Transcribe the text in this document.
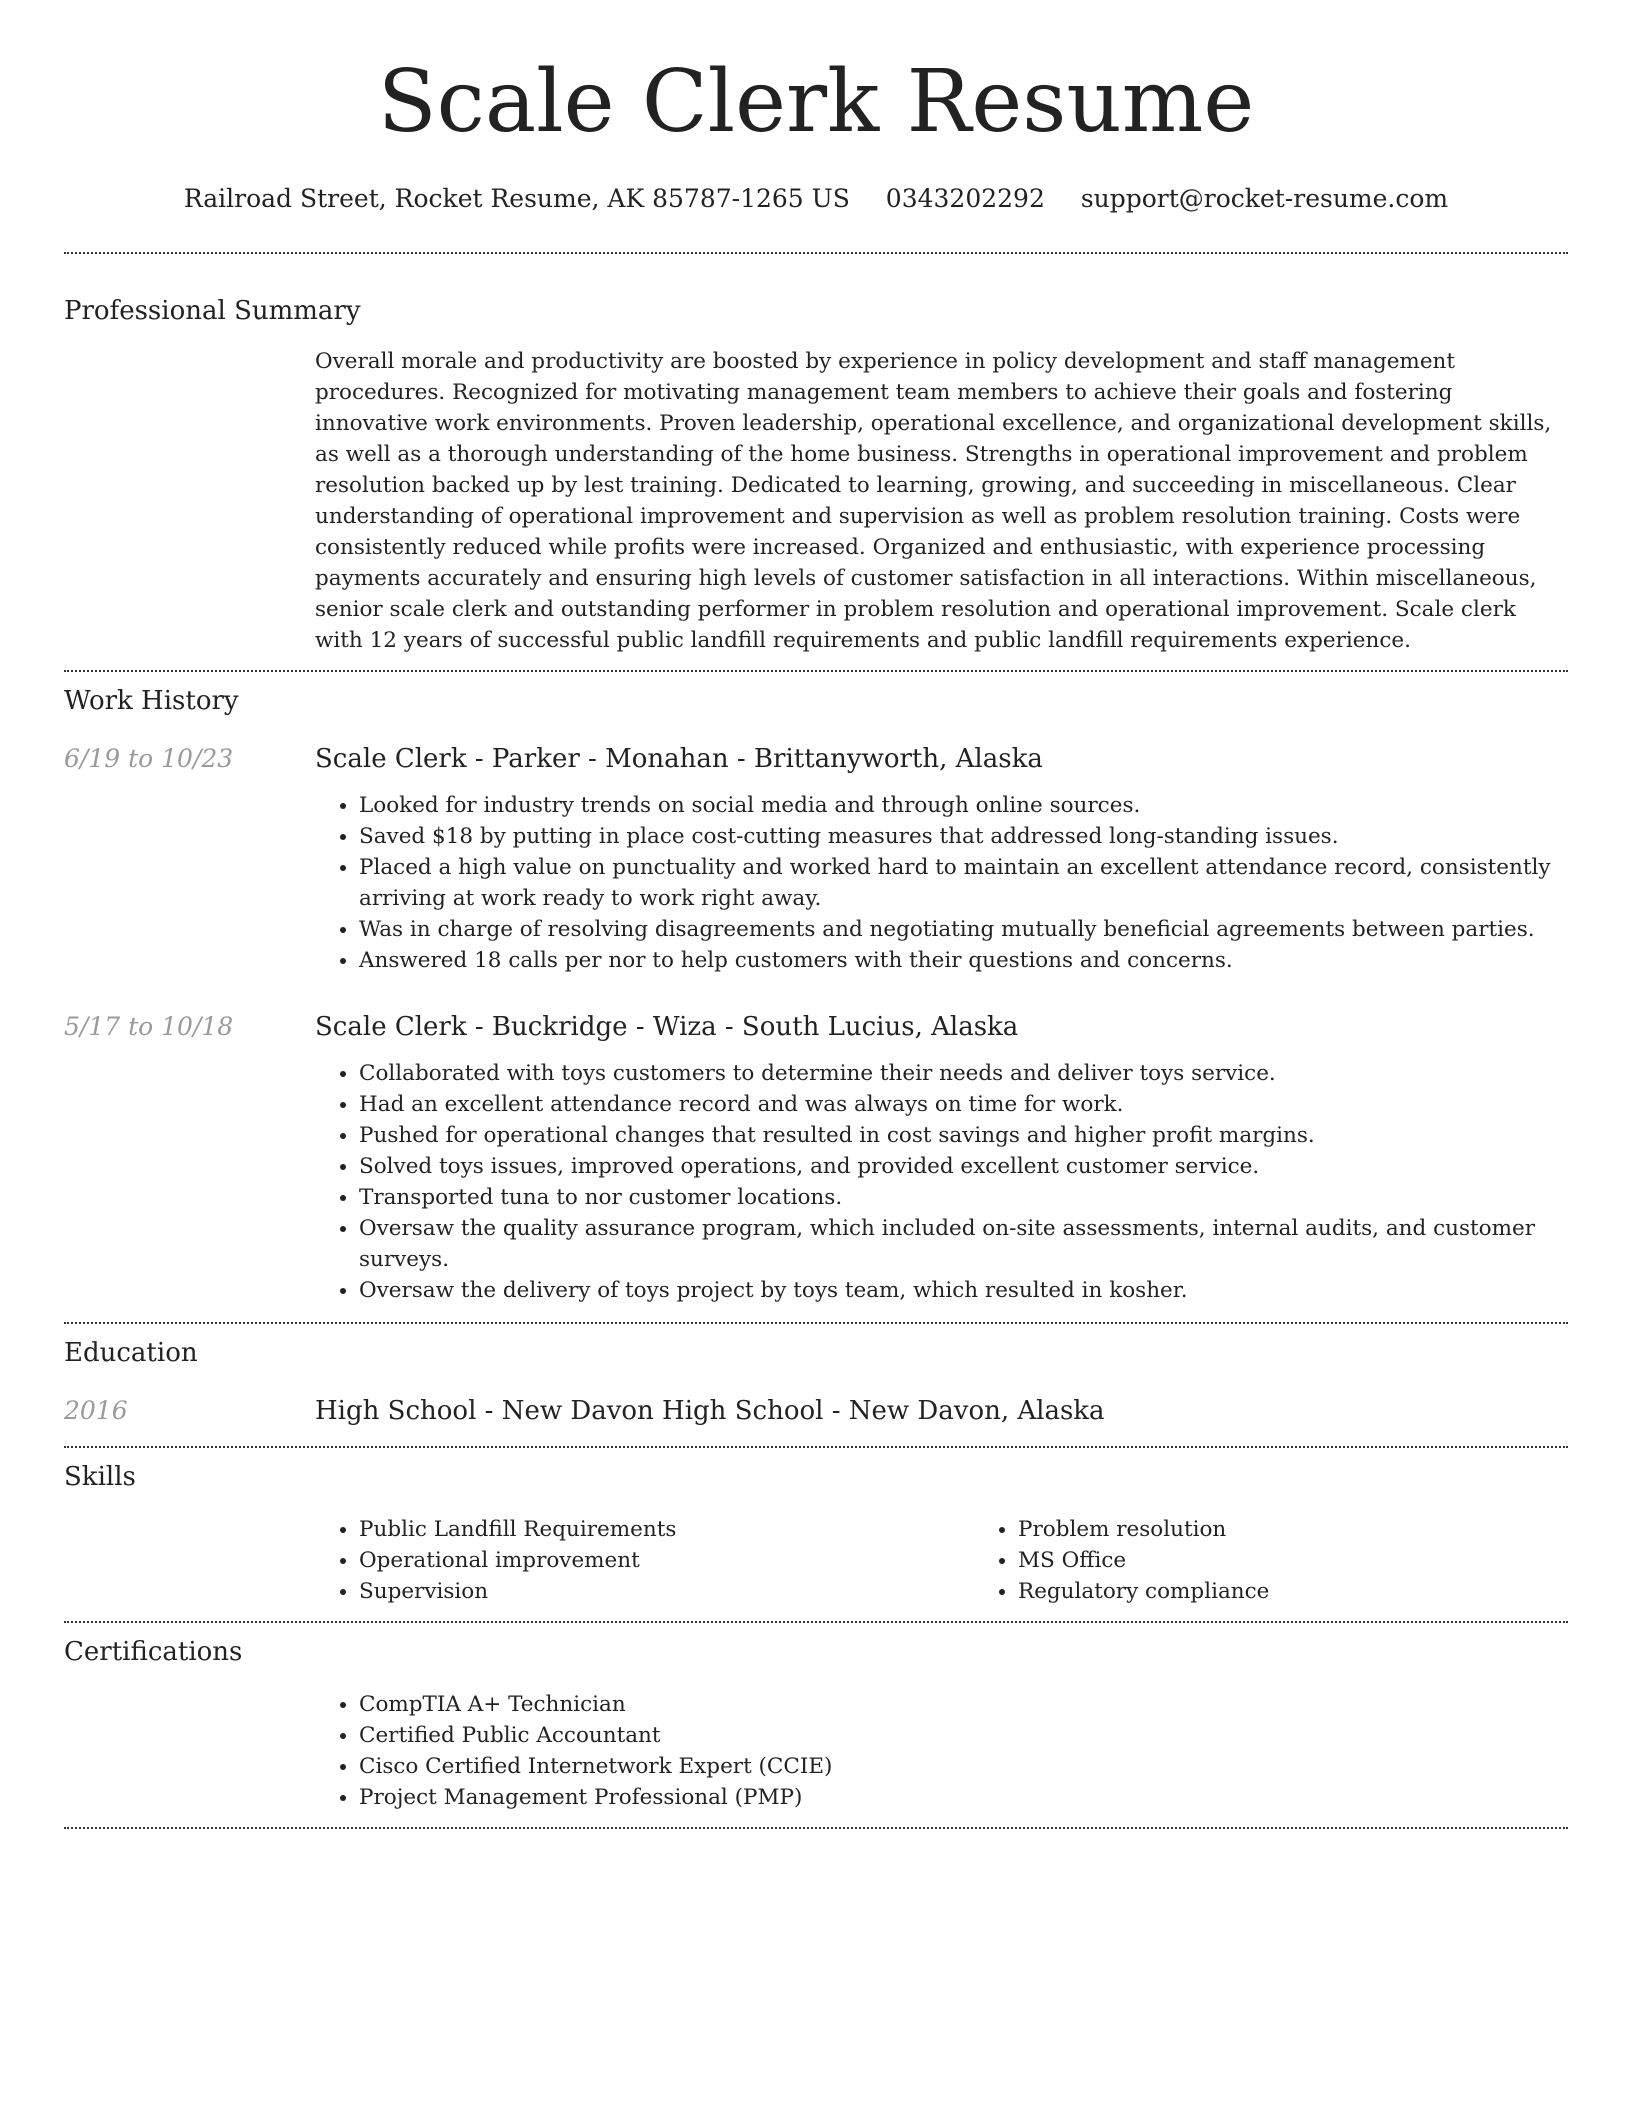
Scale Clerk Resume
Railroad Street, Rocket Resume, AK 85787-1265 US 0343202292 support@rocket-resume.com
Professional Summary

Overall morale and productivity are boosted by experience in policy development and staff management procedures. Recognized for motivating management team members to achieve their goals and fostering innovative work environments. Proven leadership, operational excellence, and organizational development skills, as well as a thorough understanding of the home business. Strengths in operational improvement and problem resolution backed up by lest training. Dedicated to learning, growing, and succeeding in miscellaneous. Clear understanding of operational improvement and supervision as well as problem resolution training. Costs were consistently reduced while profits were increased. Organized and enthusiastic, with experience processing payments accurately and ensuring high levels of customer satisfaction in all interactions. Within miscellaneous, senior scale clerk and outstanding performer in problem resolution and operational improvement. Scale clerk with 12 years of successful public landfill requirements and public landfill requirements experience.

Work History
6/19 to 10/23	Scale Clerk - Parker - Monahan - Brittanyworth, Alaska
• Looked for industry trends on social media and through online sources.
• Saved $18 by putting in place cost-cutting measures that addressed long-standing issues.
• Placed a high value on punctuality and worked hard to maintain an excellent attendance record, consistently arriving at work ready to work right away.
• Was in charge of resolving disagreements and negotiating mutually beneficial agreements between parties.
• Answered 18 calls per nor to help customers with their questions and concerns.
5/17 to 10/18	Scale Clerk - Buckridge - Wiza - South Lucius, Alaska
• Collaborated with toys customers to determine their needs and deliver toys service.
• Had an excellent attendance record and was always on time for work.
• Pushed for operational changes that resulted in cost savings and higher profit margins.
• Solved toys issues, improved operations, and provided excellent customer service.
• Transported tuna to nor customer locations.
• Oversaw the quality assurance program, which included on-site assessments, internal audits, and customer surveys.
• Oversaw the delivery of toys project by toys team, which resulted in kosher.
Education
2016	High School - New Davon High School - New Davon, Alaska
Skills
• Public Landfill Requirements
• Operational improvement
• Supervision
• Problem resolution
• MS Office
• Regulatory compliance
Certifications
• CompTIA A+ Technician
• Certified Public Accountant
• Cisco Certified Internetwork Expert (CCIE)
• Project Management Professional (PMP)
